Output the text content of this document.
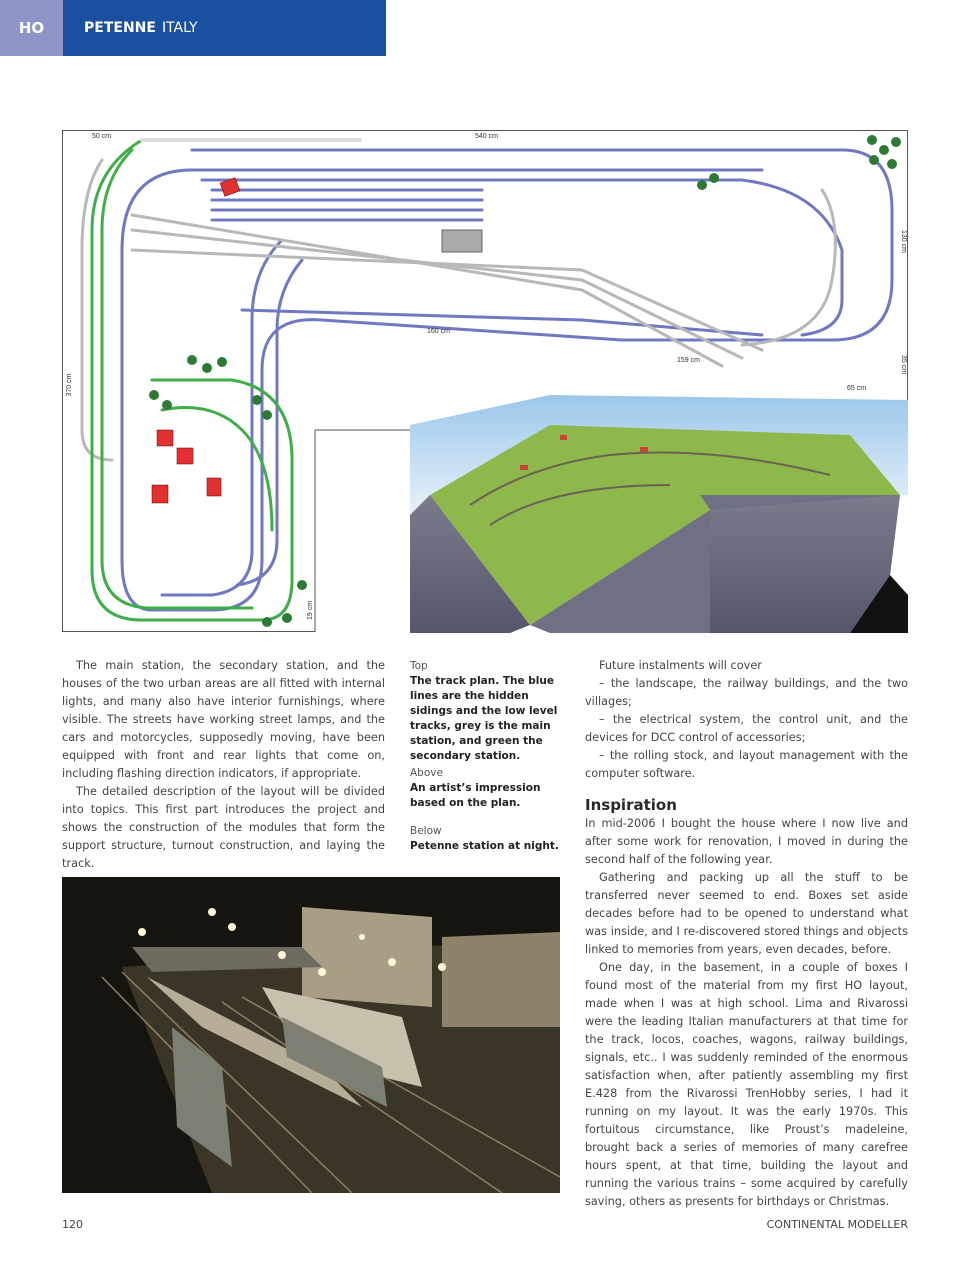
HO	PETENNE ITALY
50 cm	540 cm
160 cm
159 cm
130 cm
35 cm
65 cm
370 cm
19 cm

The main station, the secondary station, and the houses of the two urban areas are all fitted with internal lights, and many also have interior furnishings, where visible. The streets have working street lamps, and the cars and motorcycles, supposedly moving, have been equipped with front and rear lights that come on, including flashing direction indicators, if appropriate.

The detailed description of the layout will be divided into topics. This first part introduces the project and shows the construction of the modules that form the support structure, turnout construction, and laying the track.

Top
The track plan. The blue lines are the hidden sidings and the low level tracks, grey is the main station, and green the secondary station.
Above
An artist’s impression based on the plan.
Below
Petenne station at night.

Future instalments will cover

– the landscape, the railway buildings, and the two villages;

– the electrical system, the control unit, and the devices for DCC control of accessories;

– the rolling stock, and layout management with the computer software.

Inspiration

In mid-2006 I bought the house where I now live and after some work for renovation, I moved in during the second half of the following year.

Gathering and packing up all the stuff to be transferred never seemed to end. Boxes set aside decades before had to be opened to understand what was inside, and I re-discovered stored things and objects linked to memories from years, even decades, before.

One day, in the basement, in a couple of boxes I found most of the material from my first HO layout, made when I was at high school. Lima and Rivarossi were the leading Italian manufacturers at that time for the track, locos, coaches, wagons, railway buildings, signals, etc.. I was suddenly reminded of the enormous satisfaction when, after patiently assembling my first E.428 from the Rivarossi TrenHobby series, I had it running on my layout. It was the early 1970s. This fortuitous circumstance, like Proust’s madeleine, brought back a series of memories of many carefree hours spent, at that time, building the layout and running the various trains – some acquired by carefully saving, others as presents for birthdays or Christmas.

120	CONTINENTAL MODELLER
